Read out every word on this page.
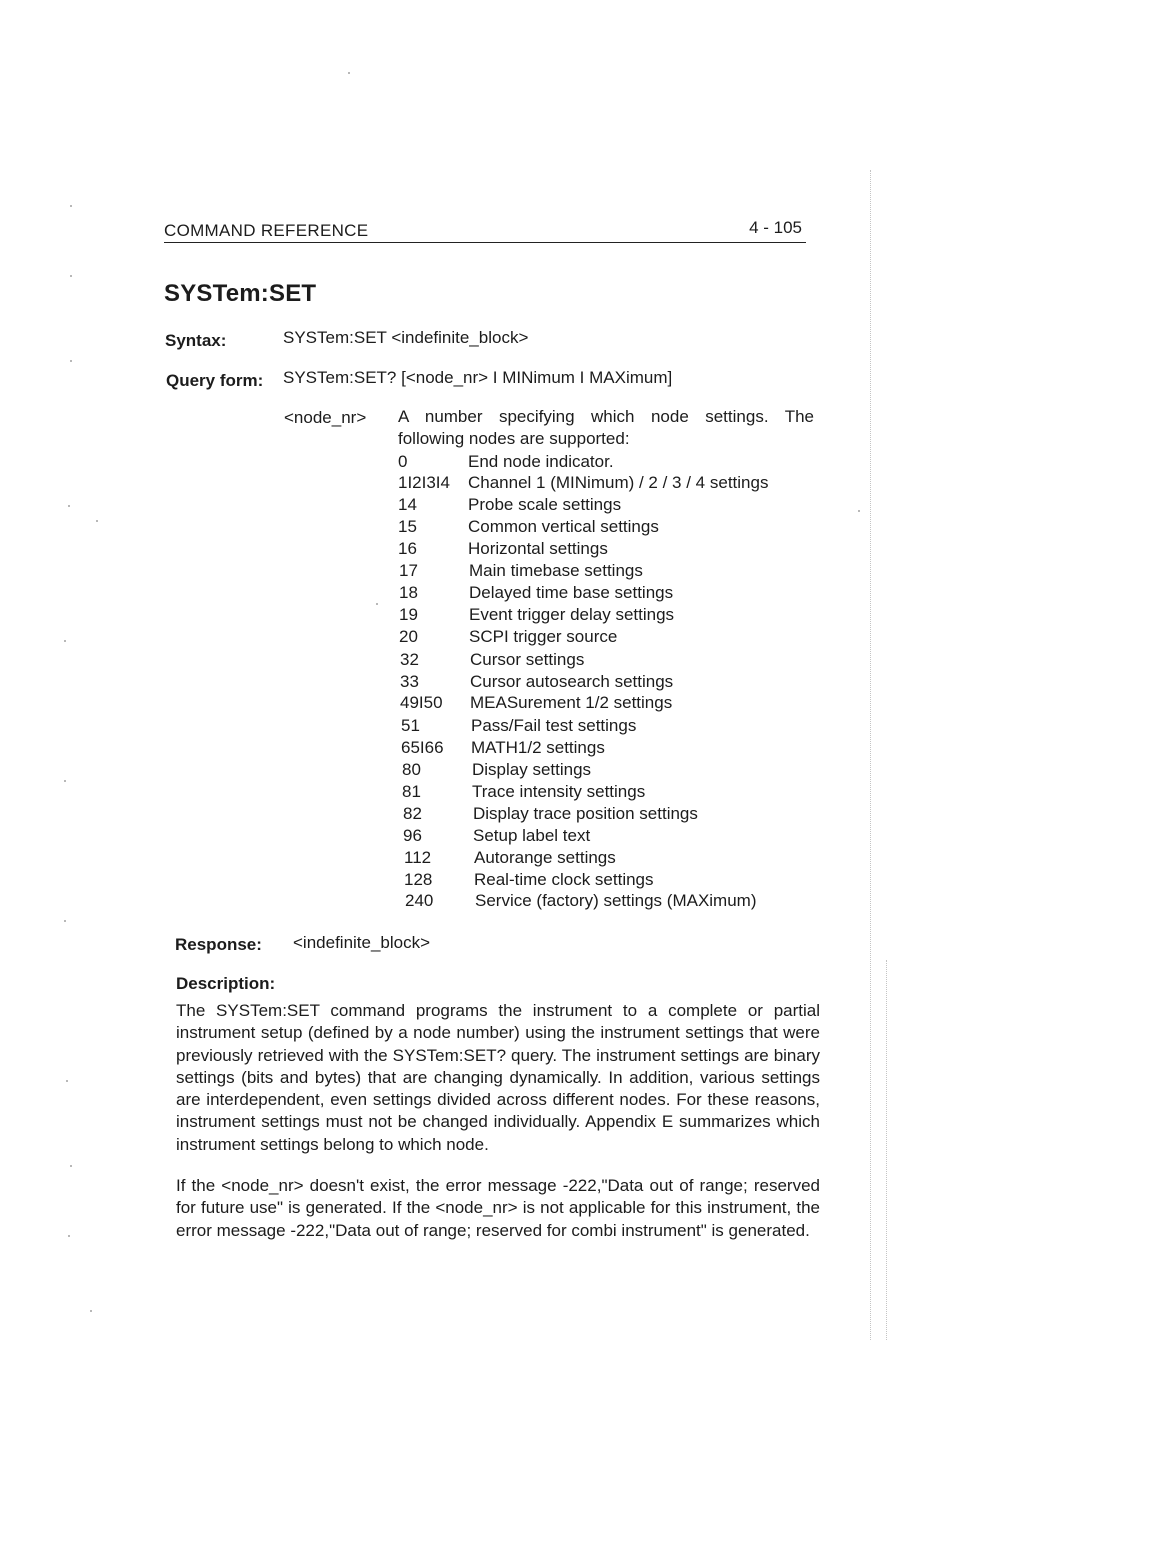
COMMAND REFERENCE	4 - 105
SYSTem:SET
Syntax:	SYSTem:SET <indefinite_block>
Query form: SYSTem:SET? [<node_nr> I MINimum I MAXimum]
<node_nr> A number specifying which node settings. The following nodes are supported:
0	End node indicator.
1I2I3I4 Channel 1 (MINimum) / 2 / 3 / 4 settings
14	Probe scale settings
15	Common vertical settings
16	Horizontal settings
17	Main timebase settings
18	Delayed time base settings
19	Event trigger delay settings
20	SCPI trigger source
32	Cursor settings
33	Cursor autosearch settings
49I50 MEASurement 1/2 settings
51	Pass/Fail test settings
65I66 MATH1/2 settings
80	Display settings
81	Trace intensity settings
82	Display trace position settings
96	Setup label text
112	Autorange settings
128 Real-time clock settings
240 Service (factory) settings (MAXimum)
Response: <indefinite_block>
Description:
The SYSTem:SET command programs the instrument to a complete or partial instrument setup (defined by a node number) using the instrument settings that were previously retrieved with the SYSTem:SET? query. The instrument settings are binary settings (bits and bytes) that are changing dynamically. In addition, various settings are interdependent, even settings divided across different nodes. For these reasons, instrument settings must not be changed individually. Appendix E summarizes which instrument settings belong to which node.
If the <node_nr> doesn't exist, the error message -222,"Data out of range; reserved for future use" is generated. If the <node_nr> is not applicable for this instrument, the error message -222,"Data out of range; reserved for combi instrument" is generated.
